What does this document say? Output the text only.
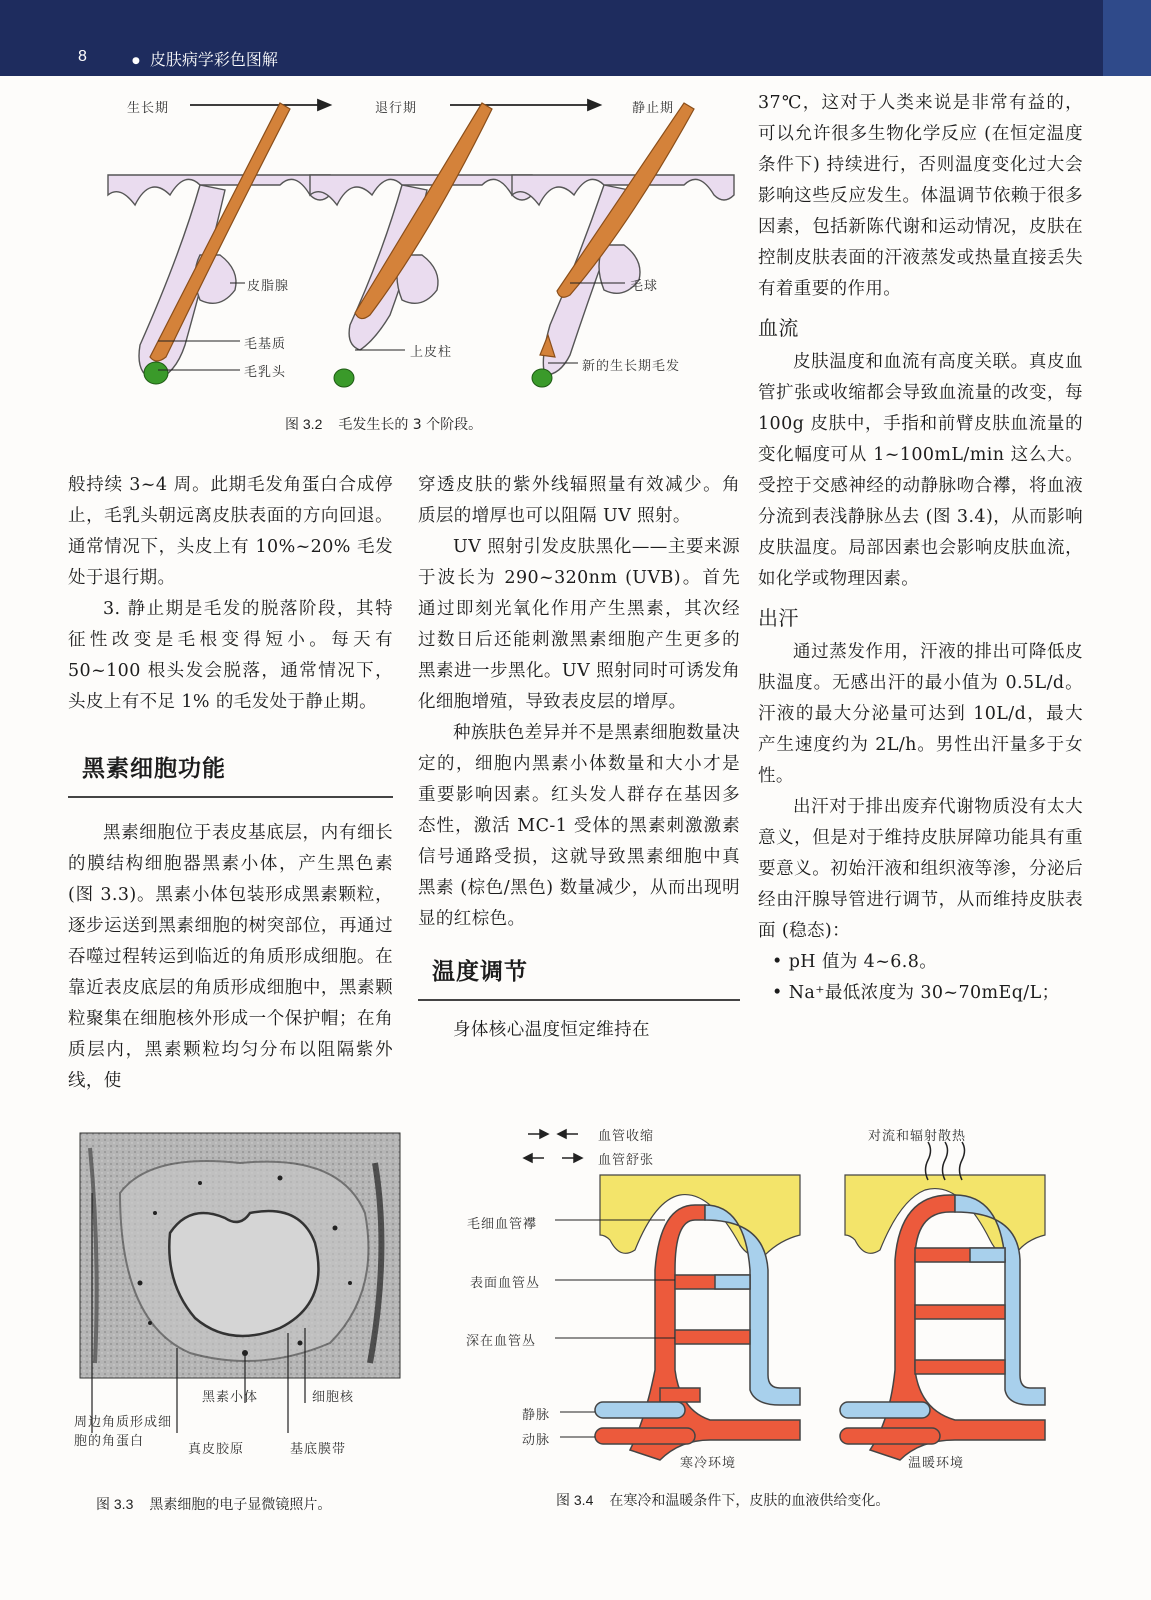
8
●	皮肤病学彩色图解
生长期	退行期	静止期
皮脂腺	毛球
毛基质
毛乳头
上皮柱
新的生长期毛发
图 3.2 毛发生长的 3 个阶段。

般持续 3~4 周。此期毛发角蛋白合成停止，毛乳头朝远离皮肤表面的方向回退。通常情况下，头皮上有 10%~20% 毛发处于退行期。

3. 静止期是毛发的脱落阶段，其特征性改变是毛根变得短小。每天有 50~100 根头发会脱落，通常情况下，头皮上有不足 1% 的毛发处于静止期。

黑素细胞功能

黑素细胞位于表皮基底层，内有细长的膜结构细胞器黑素小体，产生黑色素 (图 3.3)。黑素小体包装形成黑素颗粒，逐步运送到黑素细胞的树突部位，再通过吞噬过程转运到临近的角质形成细胞。在靠近表皮底层的角质形成细胞中，黑素颗粒聚集在细胞核外形成一个保护帽；在角质层内，黑素颗粒均匀分布以阻隔紫外线，使

穿透皮肤的紫外线辐照量有效减少。角质层的增厚也可以阻隔 UV 照射。

UV 照射引发皮肤黑化——主要来源于波长为 290~320nm (UVB)。首先通过即刻光氧化作用产生黑素，其次经过数日后还能刺激黑素细胞产生更多的黑素进一步黑化。UV 照射同时可诱发角化细胞增殖，导致表皮层的增厚。

种族肤色差异并不是黑素细胞数量决定的，细胞内黑素小体数量和大小才是重要影响因素。红头发人群存在基因多态性，激活 MC-1 受体的黑素刺激激素信号通路受损，这就导致黑素细胞中真黑素 (棕色/黑色) 数量减少，从而出现明显的红棕色。

温度调节

身体核心温度恒定维持在

37℃，这对于人类来说是非常有益的，可以允许很多生物化学反应 (在恒定温度条件下) 持续进行，否则温度变化过大会影响这些反应发生。体温调节依赖于很多因素，包括新陈代谢和运动情况，皮肤在控制皮肤表面的汗液蒸发或热量直接丢失有着重要的作用。

血流

皮肤温度和血流有高度关联。真皮血管扩张或收缩都会导致血流量的改变，每 100g 皮肤中，手指和前臂皮肤血流量的变化幅度可从 1~100mL/min 这么大。受控于交感神经的动静脉吻合襻，将血液分流到表浅静脉丛去 (图 3.4)，从而影响皮肤温度。局部因素也会影响皮肤血流，如化学或物理因素。

出汗

通过蒸发作用，汗液的排出可降低皮肤温度。无感出汗的最小值为 0.5L/d。汗液的最大分泌量可达到 10L/d，最大产生速度约为 2L/h。男性出汗量多于女性。

出汗对于排出废弃代谢物质没有太大意义，但是对于维持皮肤屏障功能具有重要意义。初始汗液和组织液等渗，分泌后经由汗腺导管进行调节，从而维持皮肤表面 (稳态)：

• pH 值为 4~6.8。

• Na⁺最低浓度为 30~70mEq/L；

周边角质形成细胞的角蛋白
黑素小体	细胞核
真皮胶原	基底膜带
图 3.3 黑素细胞的电子显微镜照片。
血管收缩
血管舒张
对流和辐射散热
毛细血管襻
表面血管丛
深在血管丛
静脉
动脉
寒冷环境	温暖环境
图 3.4 在寒冷和温暖条件下，皮肤的血液供给变化。
